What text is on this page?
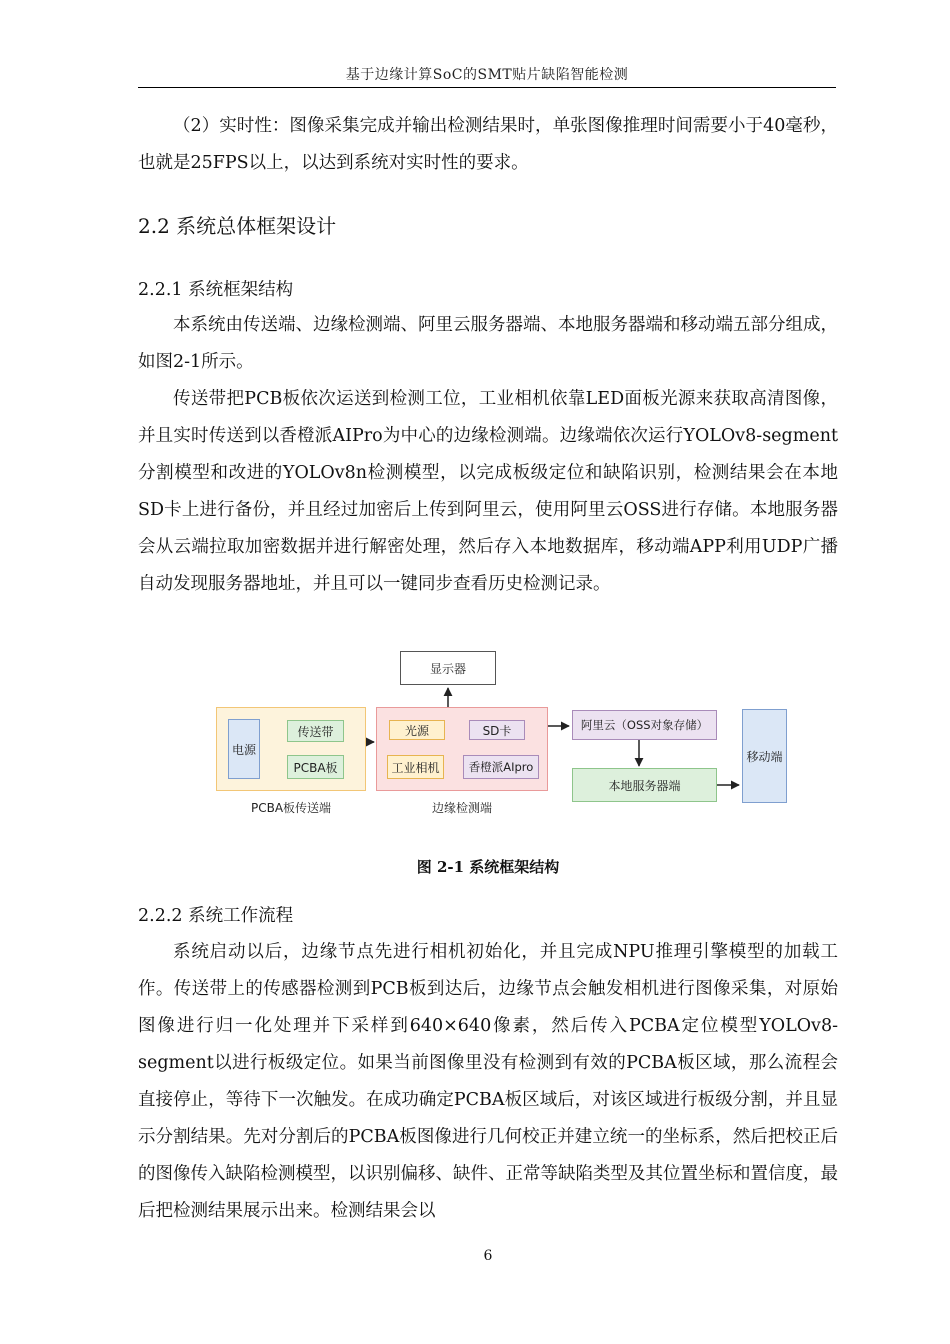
基于边缘计算SoC的SMT贴片缺陷智能检测

（2）实时性：图像采集完成并输出检测结果时，单张图像推理时间需要小于40毫秒，也就是25FPS以上，以达到系统对实时性的要求。

2.2 系统总体框架设计
2.2.1 系统框架结构

本系统由传送端、边缘检测端、阿里云服务器端、本地服务器端和移动端五部分组成，如图2-1所示。

传送带把PCB板依次运送到检测工位，工业相机依靠LED面板光源来获取高清图像，并且实时传送到以香橙派AIPro为中心的边缘检测端。边缘端依次运行YOLOv8-segment分割模型和改进的YOLOv8n检测模型，以完成板级定位和缺陷识别，检测结果会在本地SD卡上进行备份，并且经过加密后上传到阿里云，使用阿里云OSS进行存储。本地服务器会从云端拉取加密数据并进行解密处理，然后存入本地数据库，移动端APP利用UDP广播自动发现服务器地址，并且可以一键同步查看历史检测记录。

显示器
电源
传送带
PCBA板
PCBA板传送端
光源	SD卡
工业相机	香橙派AIpro
边缘检测端
阿里云（OSS对象存储）
本地服务器端
移动端
图 2-1 系统框架结构
2.2.2 系统工作流程

系统启动以后，边缘节点先进行相机初始化，并且完成NPU推理引擎模型的加载工作。传送带上的传感器检测到PCB板到达后，边缘节点会触发相机进行图像采集，对原始图像进行归一化处理并下采样到640×640像素，然后传入PCBA定位模型YOLOv8-segment以进行板级定位。如果当前图像里没有检测到有效的PCBA板区域，那么流程会直接停止，等待下一次触发。在成功确定PCBA板区域后，对该区域进行板级分割，并且显示分割结果。先对分割后的PCBA板图像进行几何校正并建立统一的坐标系，然后把校正后的图像传入缺陷检测模型，以识别偏移、缺件、正常等缺陷类型及其位置坐标和置信度，最后把检测结果展示出来。检测结果会以

6
